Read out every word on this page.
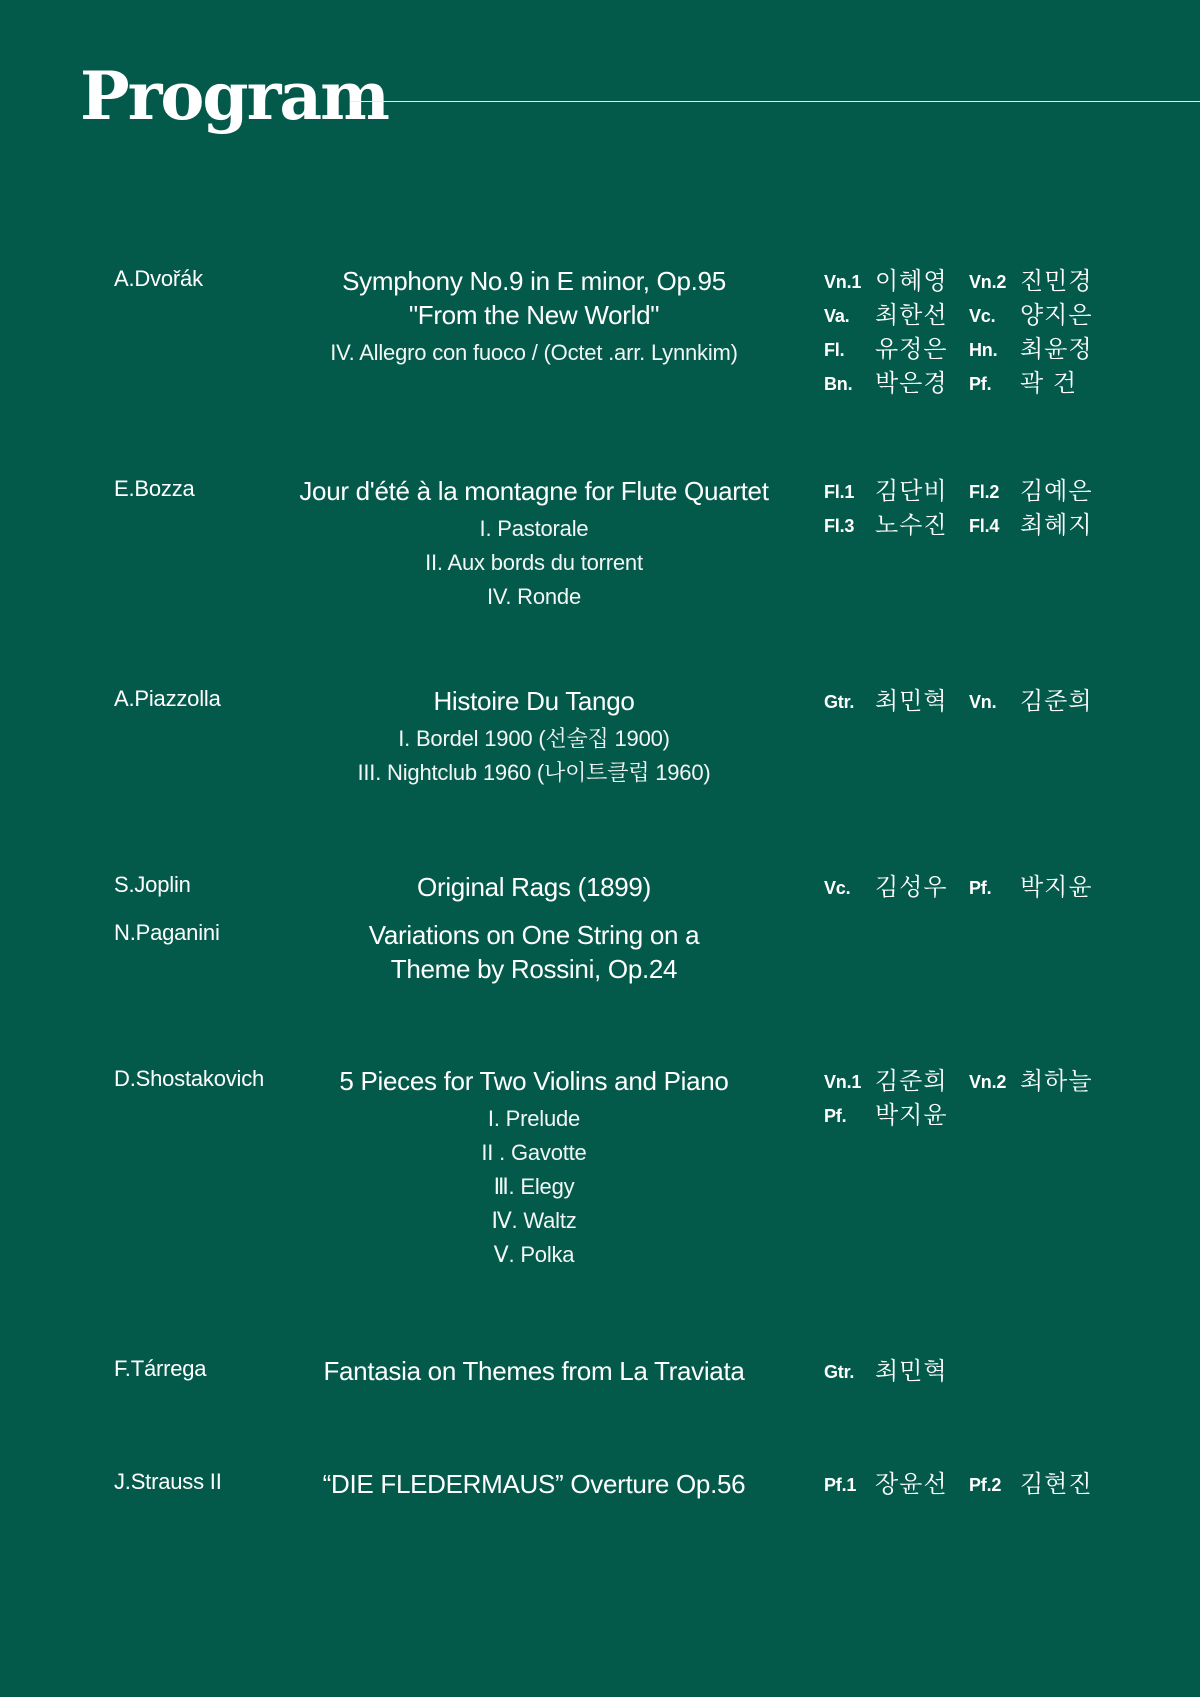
Program
A.Dvořák	Symphony No.9 in E minor, Op.95
"From the New World"
IV. Allegro con fuoco / (Octet .arr. Lynnkim)
Vn.1 이혜영 Vn.2 진민경
Va. 최한선 Vc. 양지은
Fl. 유정은 Hn. 최윤정
Bn. 박은경 Pf. 곽 건
E.Bozza	Jour d'été à la montagne for Flute Quartet
I. Pastorale
II. Aux bords du torrent
IV. Ronde
Fl.1 김단비 Fl.2 김예은
Fl.3 노수진 Fl.4 최혜지
A.Piazzolla	Histoire Du Tango
I. Bordel 1900 (선술집 1900)
III. Nightclub 1960 (나이트클럽 1960)
Gtr. 최민혁 Vn. 김준희
S.Joplin	Original Rags (1899)	Vc. 김성우 Pf. 박지윤
N.Paganini	Variations on One String on a
Theme by Rossini, Op.24
D.Shostakovich	5 Pieces for Two Violins and Piano
I. Prelude
II . Gavotte
Ⅲ. Elegy
Ⅳ. Waltz
Ⅴ. Polka
Vn.1 김준희 Vn.2 최하늘
Pf. 박지윤
F.Tárrega	Fantasia on Themes from La Traviata	Gtr. 최민혁
J.Strauss II	“DIE FLEDERMAUS” Overture Op.56	Pf.1 장윤선 Pf.2 김현진
